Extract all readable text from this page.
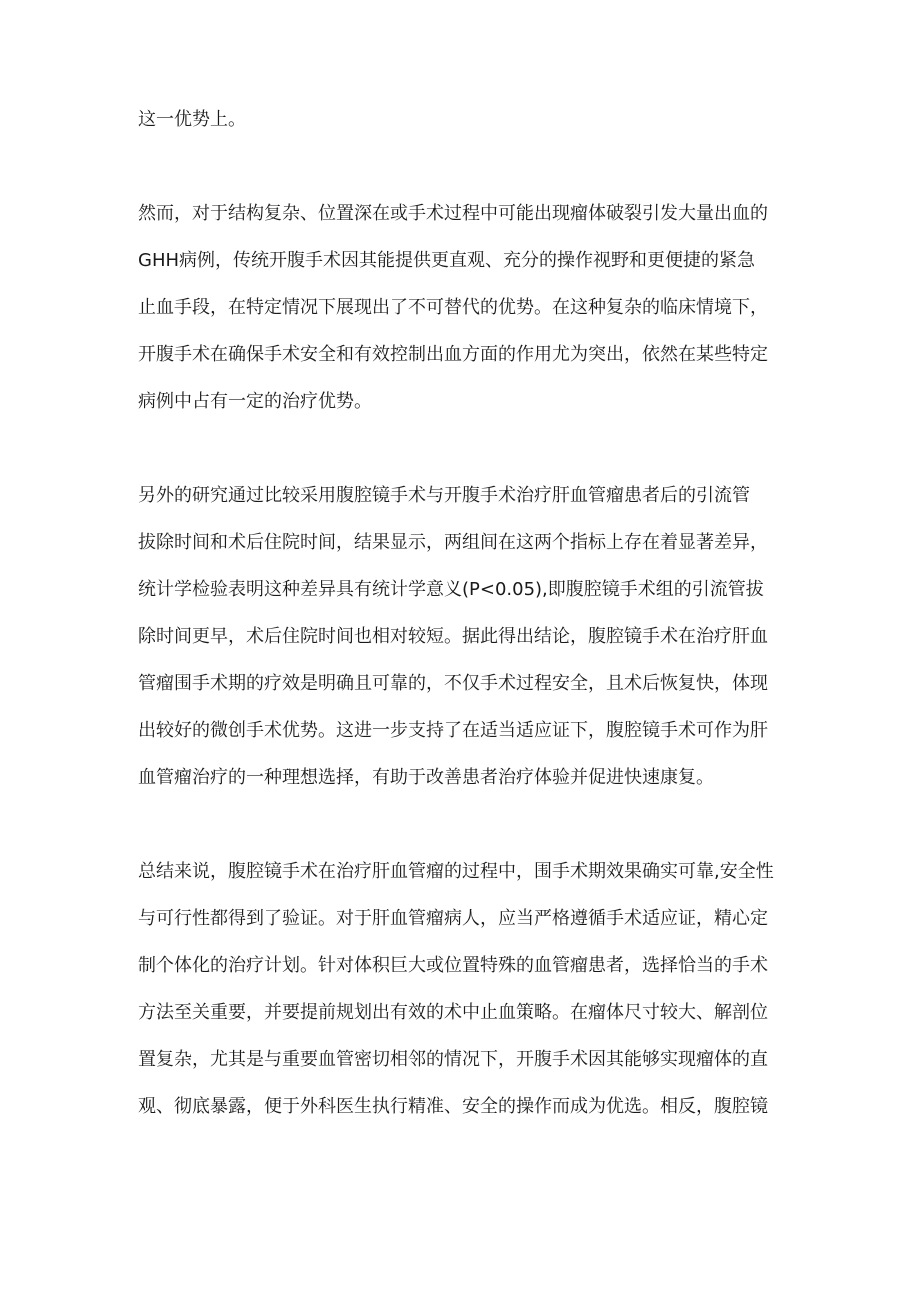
这一优势上。
然而，对于结构复杂、位置深在或手术过程中可能出现瘤体破裂引发大量出血的
GHH病例，传统开腹手术因其能提供更直观、充分的操作视野和更便捷的紧急
止血手段，在特定情况下展现出了不可替代的优势。在这种复杂的临床情境下，
开腹手术在确保手术安全和有效控制出血方面的作用尤为突出，依然在某些特定
病例中占有一定的治疗优势。
另外的研究通过比较采用腹腔镜手术与开腹手术治疗肝血管瘤患者后的引流管
拔除时间和术后住院时间，结果显示，两组间在这两个指标上存在着显著差异，
统计学检验表明这种差异具有统计学意义(P<0.05),即腹腔镜手术组的引流管拔
除时间更早，术后住院时间也相对较短。据此得出结论，腹腔镜手术在治疗肝血
管瘤围手术期的疗效是明确且可靠的，不仅手术过程安全，且术后恢复快，体现
出较好的微创手术优势。这进一步支持了在适当适应证下，腹腔镜手术可作为肝
血管瘤治疗的一种理想选择，有助于改善患者治疗体验并促进快速康复。
总结来说，腹腔镜手术在治疗肝血管瘤的过程中，围手术期效果确实可靠,安全性
与可行性都得到了验证。对于肝血管瘤病人，应当严格遵循手术适应证，精心定
制个体化的治疗计划。针对体积巨大或位置特殊的血管瘤患者，选择恰当的手术
方法至关重要，并要提前规划出有效的术中止血策略。在瘤体尺寸较大、解剖位
置复杂，尤其是与重要血管密切相邻的情况下，开腹手术因其能够实现瘤体的直
观、彻底暴露，便于外科医生执行精准、安全的操作而成为优选。相反，腹腔镜
